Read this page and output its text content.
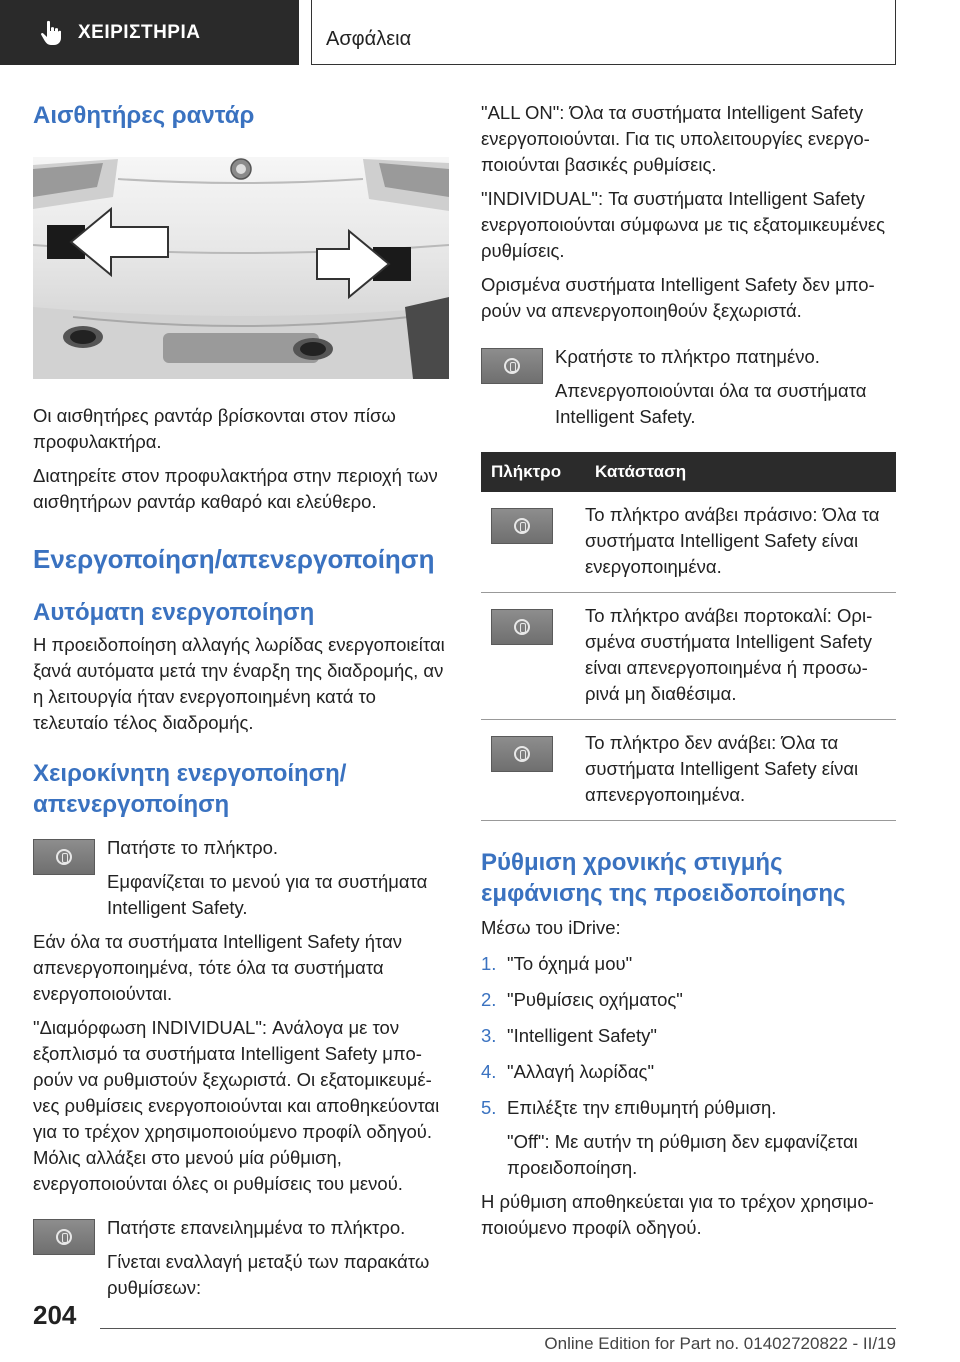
ΧΕΙΡΙΣΤΗΡΙΑ	Ασφάλεια
Αισθητήρες ραντάρ

Οι αισθητήρες ραντάρ βρίσκονται στον πίσω προφυλακτήρα.

Διατηρείτε στον προφυλακτήρα στην περιοχή των αισθητήρων ραντάρ καθαρό και ελεύθερο.

Ενεργοποίηση/απενεργοποίηση
Αυτόματη ενεργοποίηση

Η προειδοποίηση αλλαγής λωρίδας ενεργοποιείται ξανά αυτόματα μετά την έναρξη της διαδρομής, αν η λειτουργία ήταν ενεργοποιημένη κατά το τελευταίο τέλος διαδρομής.

Χειροκίνητη ενεργοποίηση/απενεργοποίηση

Πατήστε το πλήκτρο.

Εμφανίζεται το μενού για τα συστήματα Intelligent Safety.

Εάν όλα τα συστήματα Intelligent Safety ήταν απενεργοποιημένα, τότε όλα τα συστήματα ενεργοποιούνται.

"Διαμόρφωση INDIVIDUAL": Ανάλογα με τον εξοπλισμό τα συστήματα Intelligent Safety μπορούν να ρυθμιστούν ξεχωριστά. Οι εξατομικευμένες ρυθμίσεις ενεργοποιούνται και αποθηκεύονται για το τρέχον χρησιμοποιούμενο προφίλ οδηγού. Μόλις αλλάξει στο μενού μία ρύθμιση, ενεργοποιούνται όλες οι ρυθμίσεις του μενού.

Πατήστε επανειλημμένα το πλήκτρο.

Γίνεται εναλλαγή μεταξύ των παρακάτω ρυθμίσεων:

"ALL ON": Όλα τα συστήματα Intelligent Safety ενεργοποιούνται. Για τις υπολειτουργίες ενεργοποιούνται βασικές ρυθμίσεις.

"INDIVIDUAL": Τα συστήματα Intelligent Safety ενεργοποιούνται σύμφωνα με τις εξατομικευμένες ρυθμίσεις.

Ορισμένα συστήματα Intelligent Safety δεν μπορούν να απενεργοποιηθούν ξεχωριστά.

Κρατήστε το πλήκτρο πατημένο.

Απενεργοποιούνται όλα τα συστήματα Intelligent Safety.

Πλήκτρο	Κατάσταση

	Το πλήκτρο ανάβει πράσινο: Όλα τα συστήματα Intelligent Safety είναι ενεργοποιημένα.

	Το πλήκτρο ανάβει πορτοκαλί: Ορισμένα συστήματα Intelligent Safety είναι απενεργοποιημένα ή προσωρινά μη διαθέσιμα.

	Το πλήκτρο δεν ανάβει: Όλα τα συστήματα Intelligent Safety είναι απενεργοποιημένα.
Ρύθμιση χρονικής στιγμής εμφάνισης της προειδοποίησης

Μέσω του iDrive:

1. "Το όχημά μου"
2. "Ρυθμίσεις οχήματος"
3. "Intelligent Safety"
4. "Αλλαγή λωρίδας"
5. Επιλέξτε την επιθυμητή ρύθμιση.

"Off": Με αυτήν τη ρύθμιση δεν εμφανίζεται προειδοποίηση.

Η ρύθμιση αποθηκεύεται για το τρέχον χρησιμοποιούμενο προφίλ οδηγού.

204
Online Edition for Part no. 01402720822 - II/19
